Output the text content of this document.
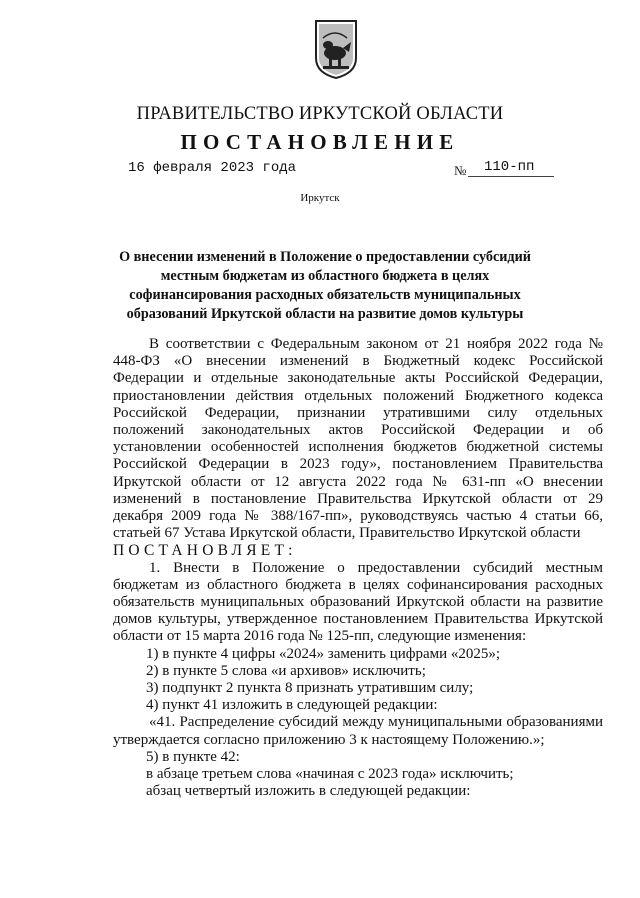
ПРАВИТЕЛЬСТВО ИРКУТСКОЙ ОБЛАСТИ
ПОСТАНОВЛЕНИЕ
16 февраля 2023 года	№ 110-пп
Иркутск
О внесении изменений в Положение о предоставлении субсидий местным бюджетам из областного бюджета в целях софинансирования расходных обязательств муниципальных образований Иркутской области на развитие домов культуры

В соответствии с Федеральным законом от 21 ноября 2022 года № 448-ФЗ «О внесении изменений в Бюджетный кодекс Российской Федерации и отдельные законодательные акты Российской Федерации, приостановлении действия отдельных положений Бюджетного кодекса Российской Федерации, признании утратившими силу отдельных положений законодательных актов Российской Федерации и об установлении особенностей исполнения бюджетов бюджетной системы Российской Федерации в 2023 году», постановлением Правительства Иркутской области от 12 августа 2022 года № 631-пп «О внесении изменений в постановление Правительства Иркутской области от 29 декабря 2009 года № 388/167-пп», руководствуясь частью 4 статьи 66, статьей 67 Устава Иркутской области, Правительство Иркутской области

ПОСТАНОВЛЯЕТ:

1. Внести в Положение о предоставлении субсидий местным бюджетам из областного бюджета в целях софинансирования расходных обязательств муниципальных образований Иркутской области на развитие домов культуры, утвержденное постановлением Правительства Иркутской области от 15 марта 2016 года № 125-пп, следующие изменения:

1) в пункте 4 цифры «2024» заменить цифрами «2025»;

2) в пункте 5 слова «и архивов» исключить;

3) подпункт 2 пункта 8 признать утратившим силу;

4) пункт 41 изложить в следующей редакции:

«41. Распределение субсидий между муниципальными образованиями утверждается согласно приложению 3 к настоящему Положению.»;

5) в пункте 42:

в абзаце третьем слова «начиная с 2023 года» исключить;

абзац четвертый изложить в следующей редакции:
